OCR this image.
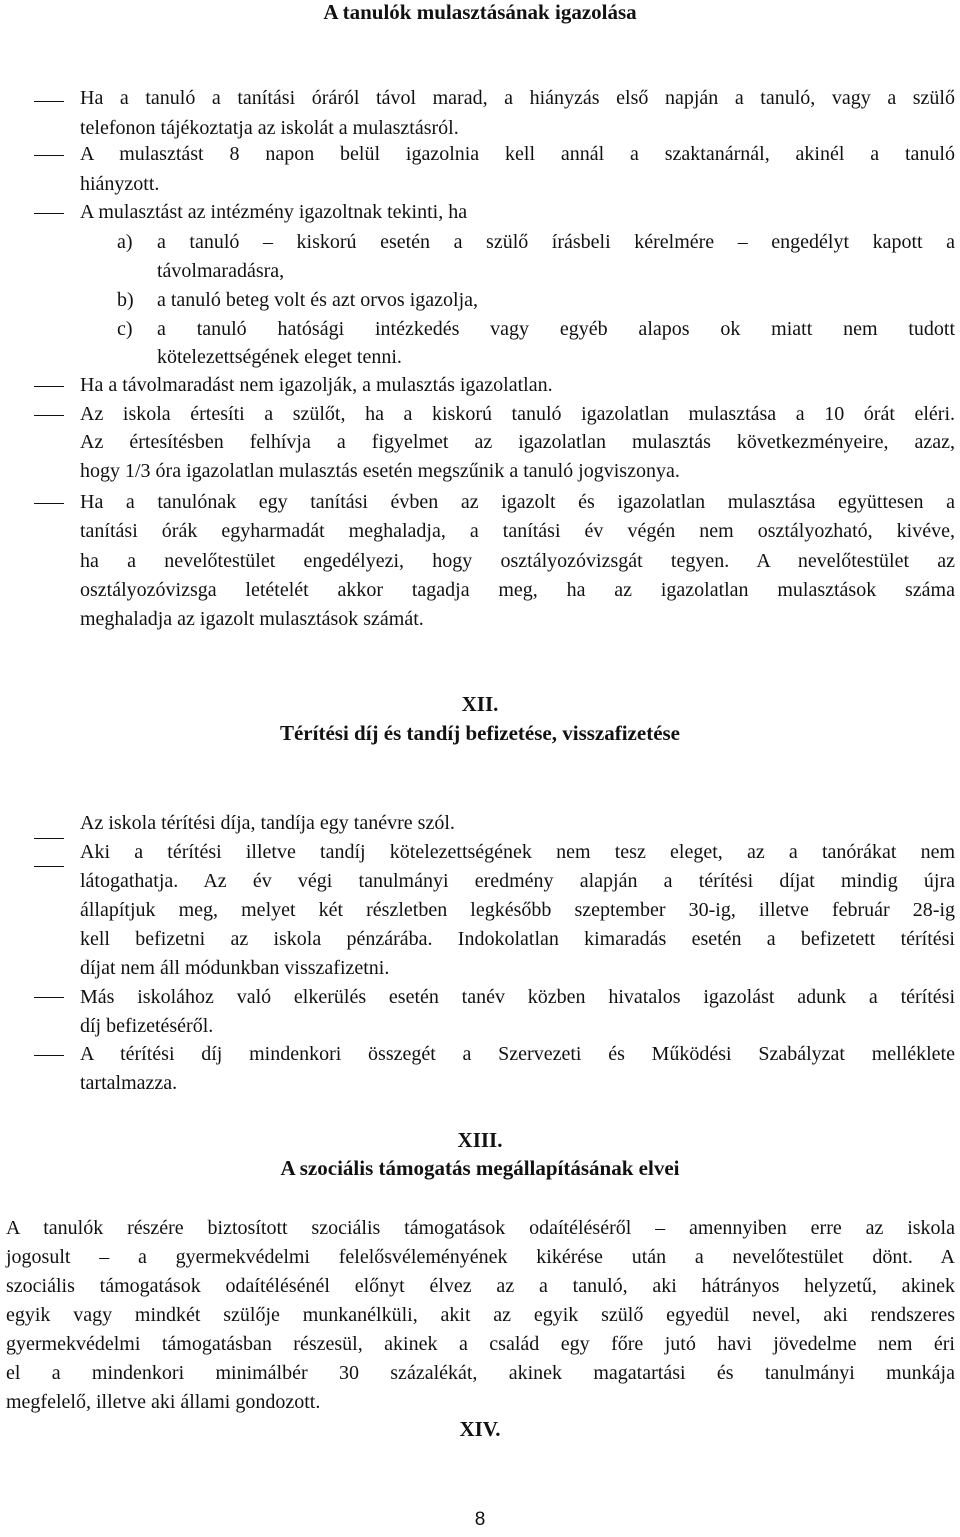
A tanulók mulasztásának igazolása

Ha a tanuló a tanítási óráról távol marad, a hiányzás első napján a tanuló, vagy a szülő

telefonon tájékoztatja az iskolát a mulasztásról.

A mulasztást 8 napon belül igazolnia kell annál a szaktanárnál, akinél a tanuló

hiányzott.

A mulasztást az intézmény igazoltnak tekinti, ha

a) a tanuló – kiskorú esetén a szülő írásbeli kérelmére – engedélyt kapott a

távolmaradásra,

b) a tanuló beteg volt és azt orvos igazolja,

c) a tanuló hatósági intézkedés vagy egyéb alapos ok miatt nem tudott

kötelezettségének eleget tenni.

Ha a távolmaradást nem igazolják, a mulasztás igazolatlan.

Az iskola értesíti a szülőt, ha a kiskorú tanuló igazolatlan mulasztása a 10 órát eléri.

Az értesítésben felhívja a figyelmet az igazolatlan mulasztás következményeire, azaz,

hogy 1/3 óra igazolatlan mulasztás esetén megszűnik a tanuló jogviszonya.

Ha a tanulónak egy tanítási évben az igazolt és igazolatlan mulasztása együttesen a

tanítási órák egyharmadát meghaladja, a tanítási év végén nem osztályozható, kivéve,

ha a nevelőtestület engedélyezi, hogy osztályozóvizsgát tegyen. A nevelőtestület az

osztályozóvizsga letételét akkor tagadja meg, ha az igazolatlan mulasztások száma

meghaladja az igazolt mulasztások számát.

XII.
Térítési díj és tandíj befizetése, visszafizetése

Az iskola térítési díja, tandíja egy tanévre szól.

Aki a térítési illetve tandíj kötelezettségének nem tesz eleget, az a tanórákat nem

látogathatja. Az év végi tanulmányi eredmény alapján a térítési díjat mindig újra

állapítjuk meg, melyet két részletben legkésőbb szeptember 30-ig, illetve február 28-ig

kell befizetni az iskola pénzárába. Indokolatlan kimaradás esetén a befizetett térítési

díjat nem áll módunkban visszafizetni.

Más iskolához való elkerülés esetén tanév közben hivatalos igazolást adunk a térítési

díj befizetéséről.

A térítési díj mindenkori összegét a Szervezeti és Működési Szabályzat melléklete

tartalmazza.

XIII.
A szociális támogatás megállapításának elvei

A tanulók részére biztosított szociális támogatások odaítéléséről – amennyiben erre az iskola

jogosult – a gyermekvédelmi felelősvéleményének kikérése után a nevelőtestület dönt. A

szociális támogatások odaítélésénél előnyt élvez az a tanuló, aki hátrányos helyzetű, akinek

egyik vagy mindkét szülője munkanélküli, akit az egyik szülő egyedül nevel, aki rendszeres

gyermekvédelmi támogatásban részesül, akinek a család egy főre jutó havi jövedelme nem éri

el a mindenkori minimálbér 30 százalékát, akinek magatartási és tanulmányi munkája

megfelelő, illetve aki állami gondozott.

XIV.
8
